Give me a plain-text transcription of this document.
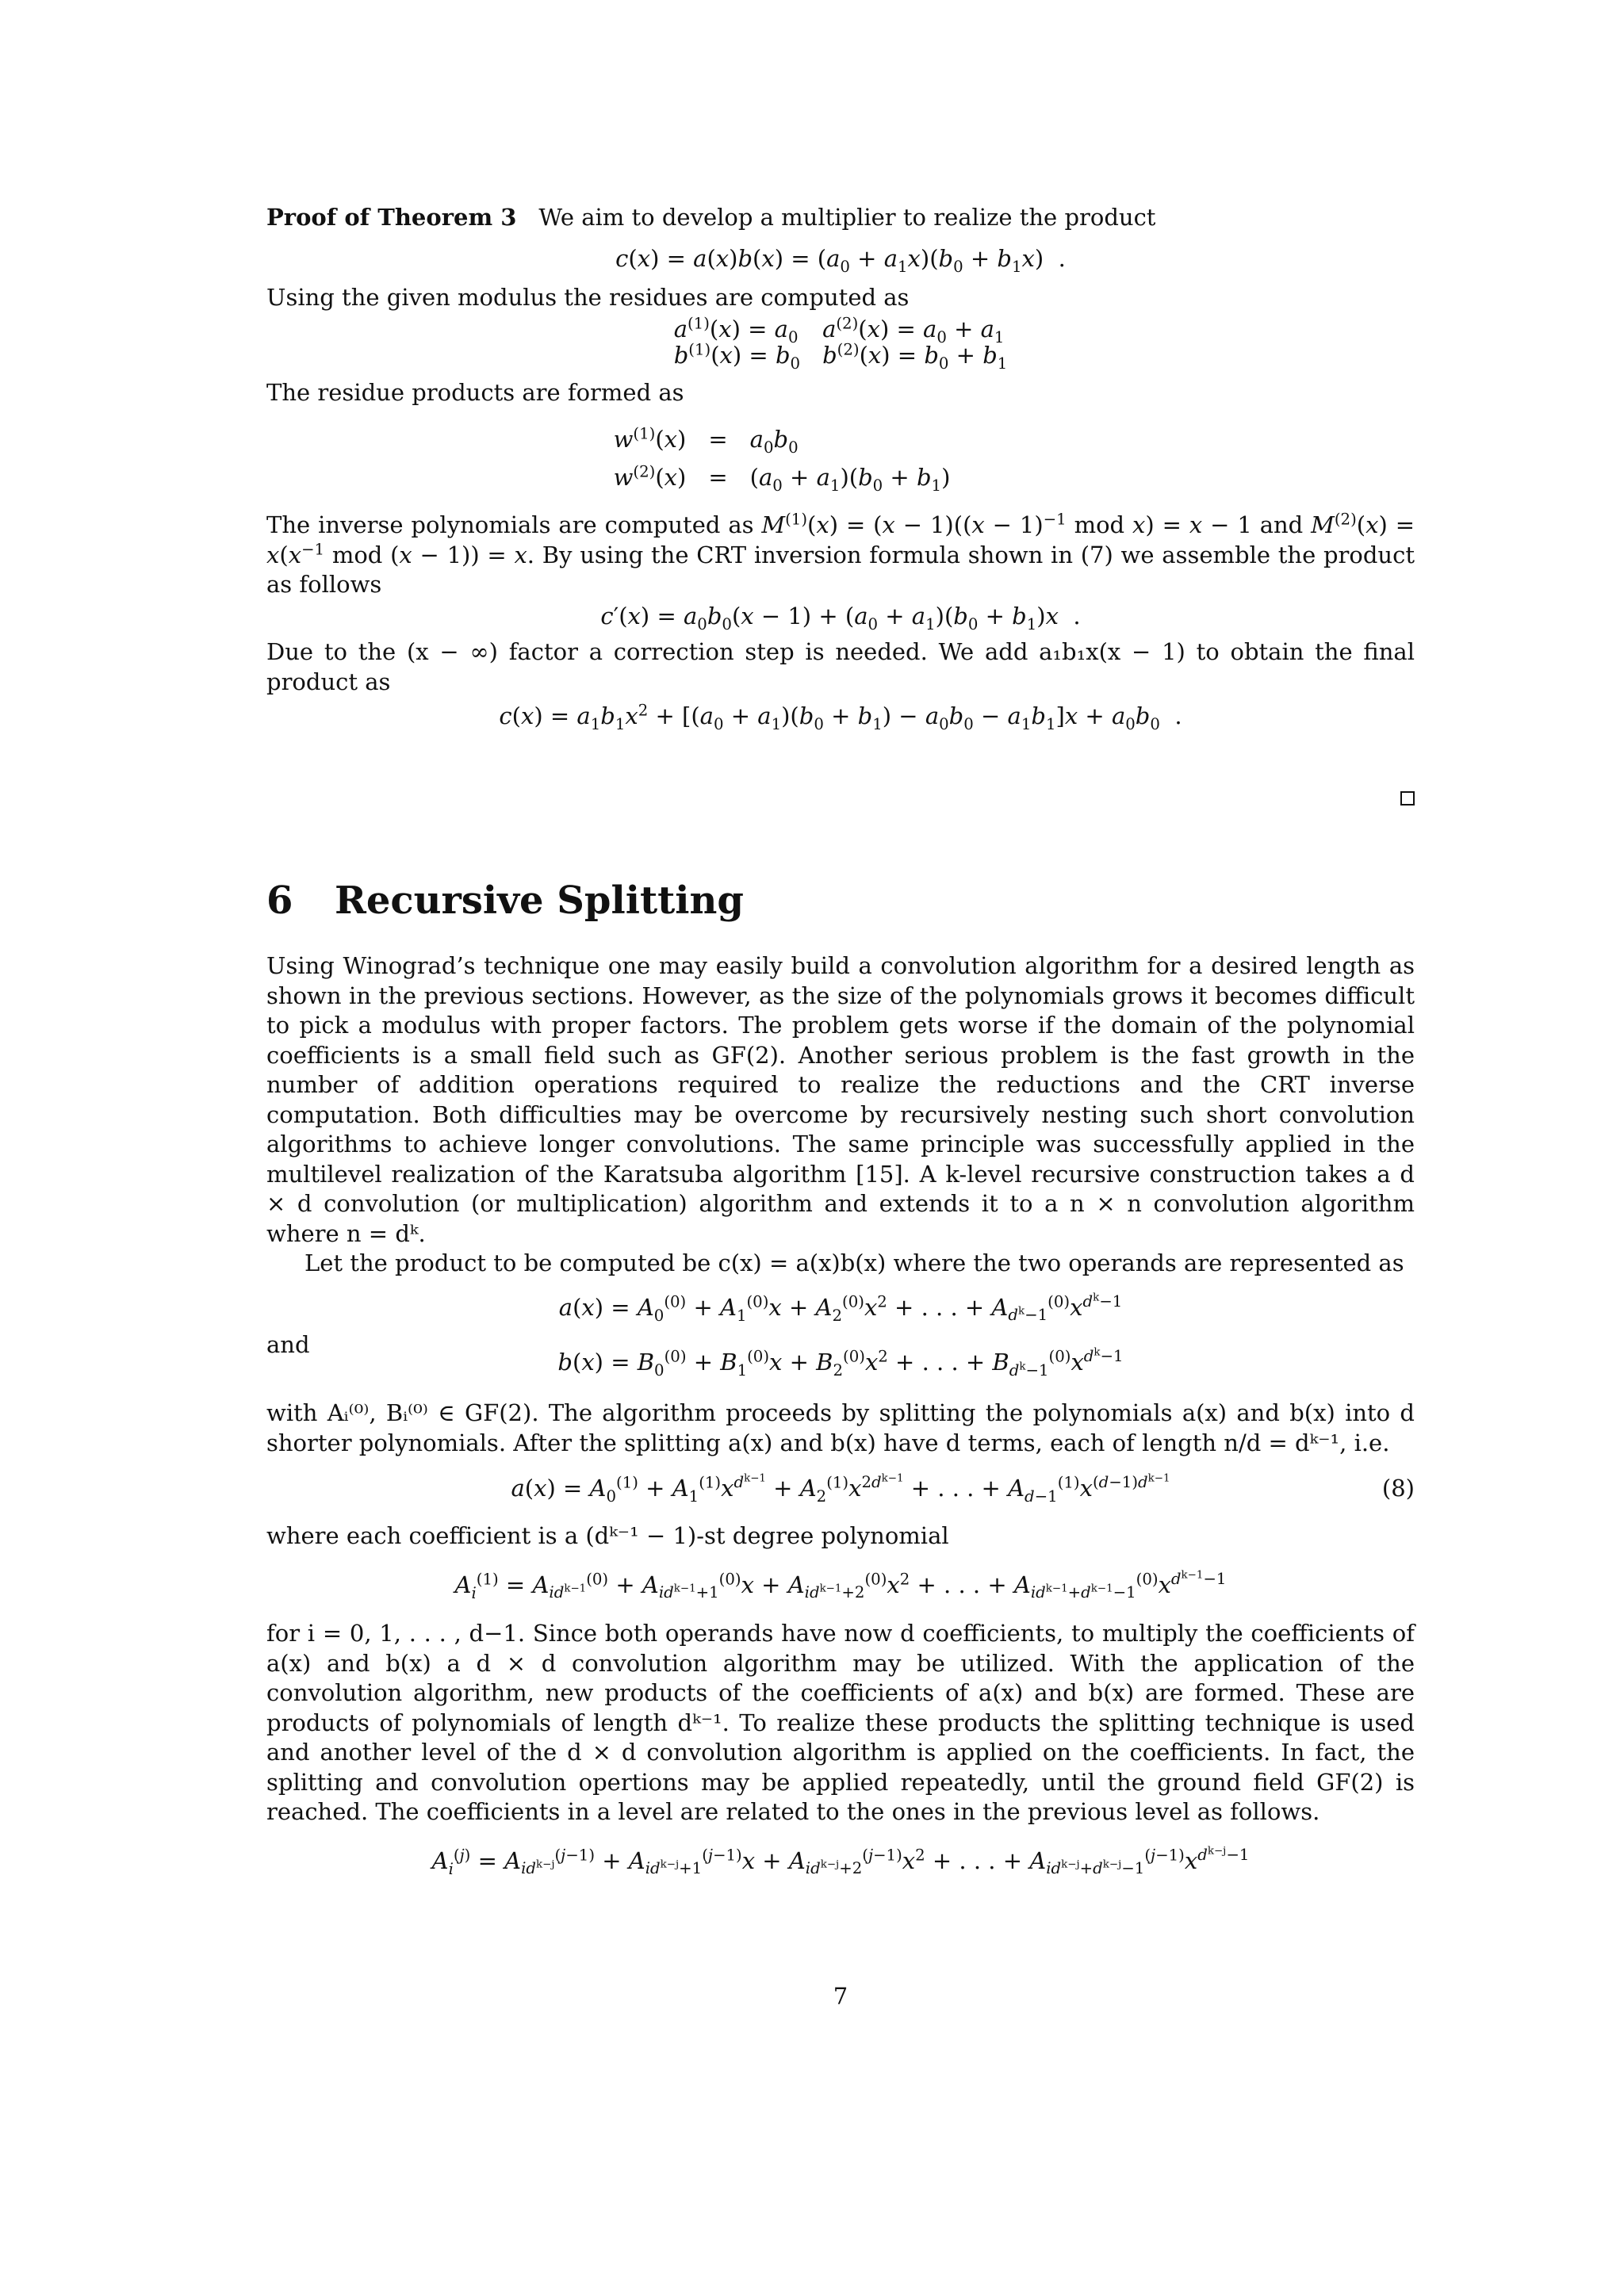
Proof of Theorem 3 We aim to develop a multiplier to realize the product

$c(x) = a(x)b(x) = (a_0 + a_1x)(b_0 + b_1x)$  .

Using the given modulus the residues are computed as

$a^{(1)}(x) = a_0$	$a^{(2)}(x) = a_0 + a_1$
$b^{(1)}(x) = b_0$	$b^{(2)}(x) = b_0 + b_1$

The residue products are formed as

$w^{(1)}(x)$	=	$a_0b_0$	
$w^{(2)}(x)$	=	$(a_0 + a_1)(b_0 + b_1)$	

The inverse polynomials are computed as $M^{(1)}(x) = (x - 1)((x - 1)^{-1}$ mod x) = x − 1 and $M^{(2)}(x) = x(x^{-1}$ mod (x − 1)) = x. By using the CRT inversion formula shown in (7) we assemble the product as follows

$c'(x) = a_0b_0(x - 1) + (a_0 + a_1)(b_0 + b_1)x$  .

Due to the (x − ∞) factor a correction step is needed. We add a₁b₁x(x − 1) to obtain the final product as

$c(x) = a_1b_1x^2 + [(a_0 + a_1)(b_0 + b_1) - a_0b_0 - a_1b_1]x + a_0b_0$  .

6 Recursive Splitting

Using Winograd’s technique one may easily build a convolution algorithm for a desired length as shown in the previous sections. However, as the size of the polynomials grows it becomes difficult to pick a modulus with proper factors. The problem gets worse if the domain of the polynomial coefficients is a small field such as GF(2). Another serious problem is the fast growth in the number of addition operations required to realize the reductions and the CRT inverse computation. Both difficulties may be overcome by recursively nesting such short convolution algorithms to achieve longer convolutions. The same principle was successfully applied in the multilevel realization of the Karatsuba algorithm [15]. A k-level recursive construction takes a d × d convolution (or multiplication) algorithm and extends it to a n × n convolution algorithm where n = dᵏ.

Let the product to be computed be c(x) = a(x)b(x) where the two operands are represented as

$a(x) = A_0^{(0)} + A_1^{(0)}x + A_2^{(0)}x^2$ + . . . + $A_{d^k-1}^{(0)}x^{d^k-1}$

and

$b(x) = B_0^{(0)} + B_1^{(0)}x + B_2^{(0)}x^2$ + . . . + $B_{d^k-1}^{(0)}x^{d^k-1}$

with Aᵢ⁽⁰⁾, Bᵢ⁽⁰⁾ ∈ GF(2). The algorithm proceeds by splitting the polynomials a(x) and b(x) into d shorter polynomials. After the splitting a(x) and b(x) have d terms, each of length n/d = dᵏ⁻¹, i.e.

$a(x) = A_0^{(1)} + A_1^{(1)}x^{d^{k-1}} + A_2^{(1)}x^{2d^{k-1}}$ + . . . + $A_{d-1}^{(1)}x^{(d-1)d^{k-1}}$	(8)

where each coefficient is a (dᵏ⁻¹ − 1)-st degree polynomial

$A_i^{(1)} = A_{id^{k-1}}^{(0)} + A_{id^{k-1}+1}^{(0)}x + A_{id^{k-1}+2}^{(0)}x^2$ + . . . + $A_{id^{k-1}+d^{k-1}-1}^{(0)}x^{d^{k-1}-1}$

for i = 0, 1, . . . , d−1. Since both operands have now d coefficients, to multiply the coefficients of a(x) and b(x) a d × d convolution algorithm may be utilized. With the application of the convolution algorithm, new products of the coefficients of a(x) and b(x) are formed. These are products of polynomials of length dᵏ⁻¹. To realize these products the splitting technique is used and another level of the d × d convolution algorithm is applied on the coefficients. In fact, the splitting and convolution opertions may be applied repeatedly, until the ground field GF(2) is reached. The coefficients in a level are related to the ones in the previous level as follows.

$A_i^{(j)} = A_{id^{k-j}}^{(j-1)} + A_{id^{k-j}+1}^{(j-1)}x + A_{id^{k-j}+2}^{(j-1)}x^2$ + . . . + $A_{id^{k-j}+d^{k-j}-1}^{(j-1)}x^{d^{k-j}-1}$

7
